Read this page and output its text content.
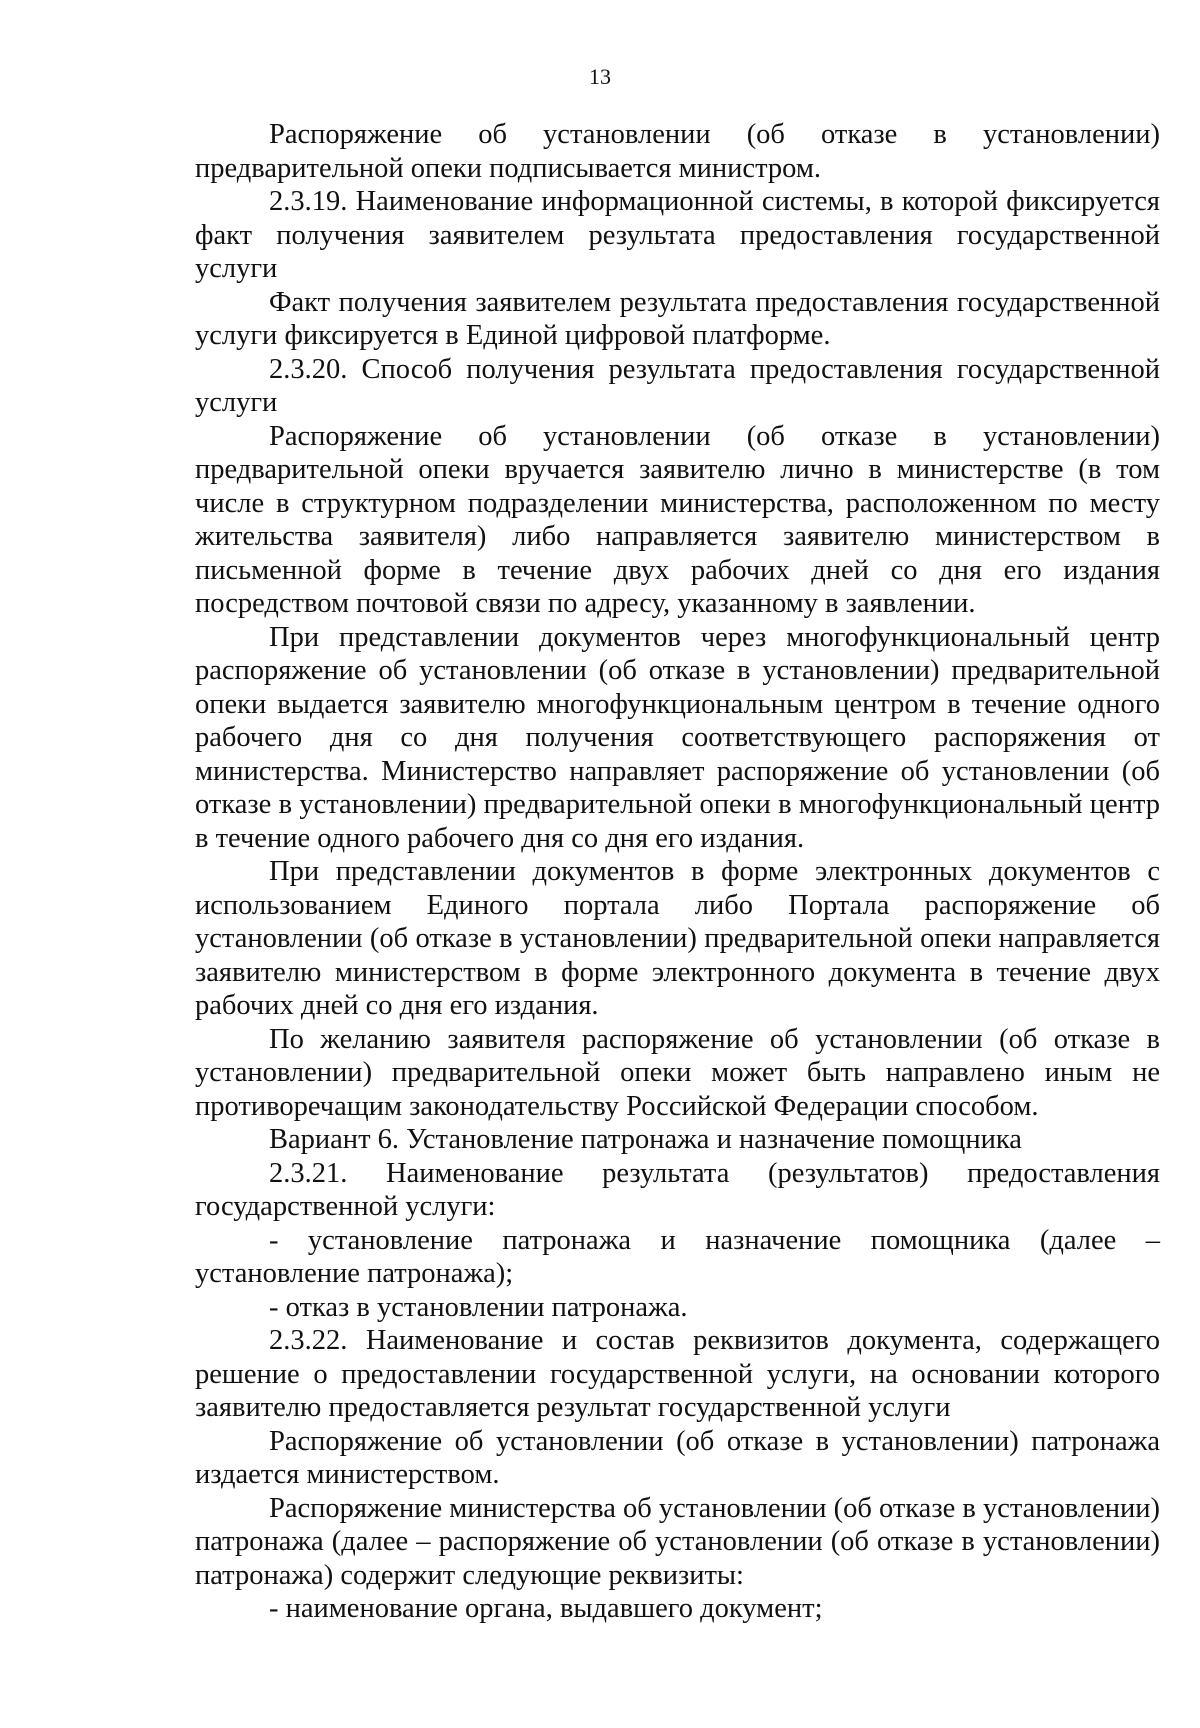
13

Распоряжение об установлении (об отказе в установлении) предварительной опеки подписывается министром.

2.3.19. Наименование информационной системы, в которой фиксируется факт получения заявителем результата предоставления государственной услуги

Факт получения заявителем результата предоставления государственной услуги фиксируется в Единой цифровой платформе.

2.3.20. Способ получения результата предоставления государственной услуги

Распоряжение об установлении (об отказе в установлении) предварительной опеки вручается заявителю лично в министерстве (в том числе в структурном подразделении министерства, расположенном по месту жительства заявителя) либо направляется заявителю министерством в письменной форме в течение двух рабочих дней со дня его издания посредством почтовой связи по адресу, указанному в заявлении.

При представлении документов через многофункциональный центр распоряжение об установлении (об отказе в установлении) предварительной опеки выдается заявителю многофункциональным центром в течение одного рабочего дня со дня получения соответствующего распоряжения от министерства. Министерство направляет распоряжение об установлении (об отказе в установлении) предварительной опеки в многофункциональный центр в течение одного рабочего дня со дня его издания.

При представлении документов в форме электронных документов с использованием Единого портала либо Портала распоряжение об установлении (об отказе в установлении) предварительной опеки направляется заявителю министерством в форме электронного документа в течение двух рабочих дней со дня его издания.

По желанию заявителя распоряжение об установлении (об отказе в установлении) предварительной опеки может быть направлено иным не противоречащим законодательству Российской Федерации способом.

Вариант 6. Установление патронажа и назначение помощника

2.3.21. Наименование результата (результатов) предоставления государственной услуги:

- установление патронажа и назначение помощника (далее – установление патронажа);

- отказ в установлении патронажа.

2.3.22. Наименование и состав реквизитов документа, содержащего решение о предоставлении государственной услуги, на основании которого заявителю предоставляется результат государственной услуги

Распоряжение об установлении (об отказе в установлении) патронажа издается министерством.

Распоряжение министерства об установлении (об отказе в установлении) патронажа (далее – распоряжение об установлении (об отказе в установлении) патронажа) содержит следующие реквизиты:

- наименование органа, выдавшего документ;
